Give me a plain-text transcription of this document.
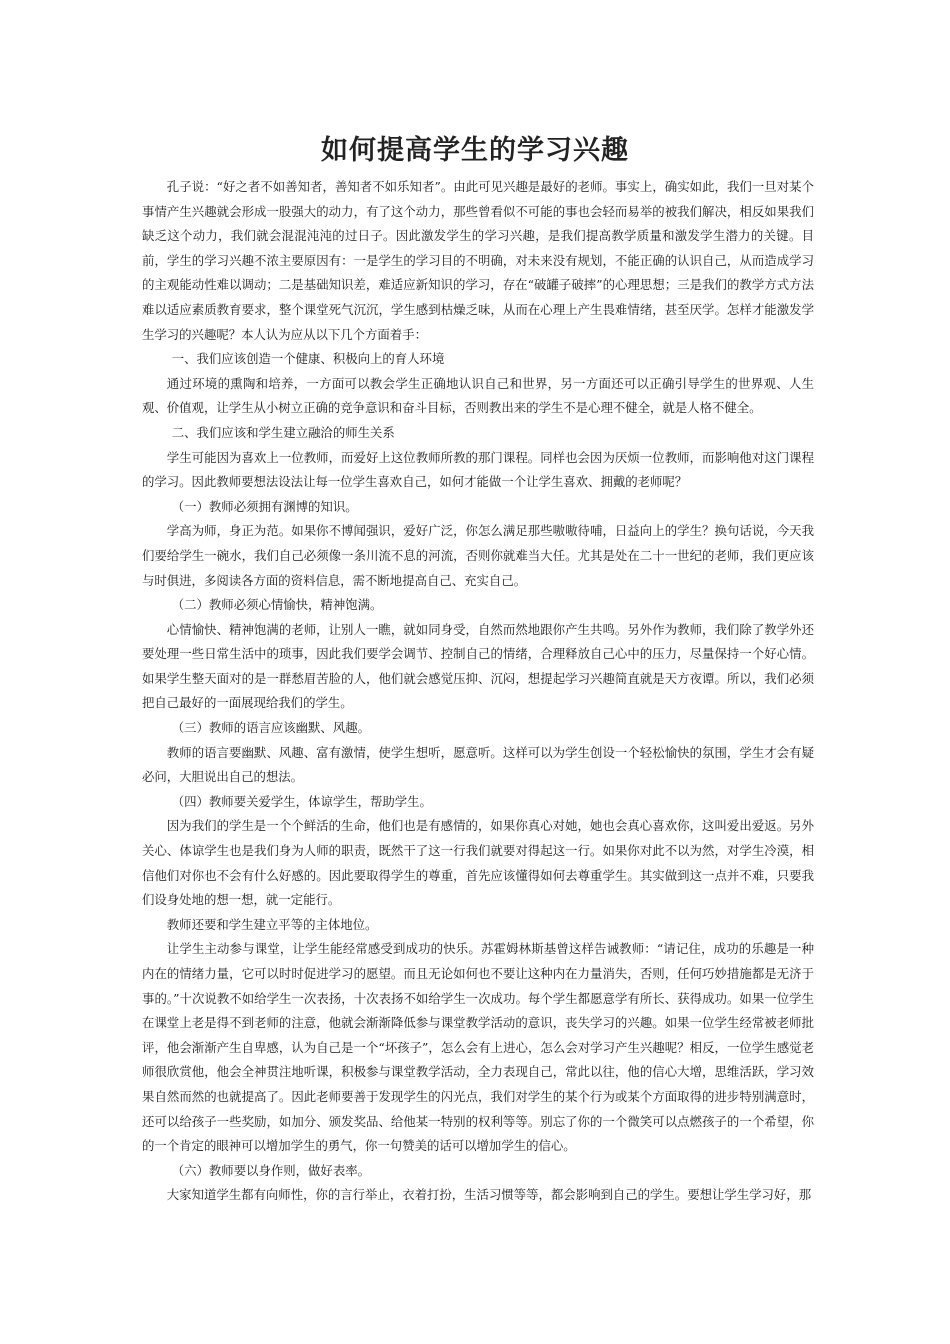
如何提高学生的学习兴趣

孔子说：“好之者不如善知者，善知者不如乐知者”。由此可见兴趣是最好的老师。事实上，确实如此，我们一旦对某个事情产生兴趣就会形成一股强大的动力，有了这个动力，那些曾看似不可能的事也会轻而易举的被我们解决，相反如果我们缺乏这个动力，我们就会混混沌沌的过日子。因此激发学生的学习兴趣，是我们提高教学质量和激发学生潜力的关键。目前，学生的学习兴趣不浓主要原因有：一是学生的学习目的不明确，对未来没有规划，不能正确的认识自己，从而造成学习的主观能动性难以调动；二是基础知识差，难适应新知识的学习，存在“破罐子破摔”的心理思想；三是我们的教学方式方法难以适应素质教育要求，整个课堂死气沉沉，学生感到枯燥乏味，从而在心理上产生畏难情绪，甚至厌学。怎样才能激发学生学习的兴趣呢？本人认为应从以下几个方面着手：

一、我们应该创造一个健康、积极向上的育人环境

通过环境的熏陶和培养，一方面可以教会学生正确地认识自己和世界，另一方面还可以正确引导学生的世界观、人生观、价值观，让学生从小树立正确的竞争意识和奋斗目标，否则教出来的学生不是心理不健全，就是人格不健全。

二、我们应该和学生建立融洽的师生关系

学生可能因为喜欢上一位教师，而爱好上这位教师所教的那门课程。同样也会因为厌烦一位教师，而影响他对这门课程的学习。因此教师要想法设法让每一位学生喜欢自己，如何才能做一个让学生喜欢、拥戴的老师呢？

（一）教师必须拥有渊博的知识。

学高为师，身正为范。如果你不博闻强识，爱好广泛，你怎么满足那些嗷嗷待哺，日益向上的学生？换句话说，今天我们要给学生一碗水，我们自己必须像一条川流不息的河流，否则你就难当大任。尤其是处在二十一世纪的老师，我们更应该与时俱进，多阅读各方面的资料信息，需不断地提高自己、充实自己。

（二）教师必须心情愉快，精神饱满。

心情愉快、精神饱满的老师，让别人一瞧，就如同身受，自然而然地跟你产生共鸣。另外作为教师，我们除了教学外还要处理一些日常生活中的琐事，因此我们要学会调节、控制自己的情绪，合理释放自己心中的压力，尽量保持一个好心情。如果学生整天面对的是一群愁眉苦脸的人，他们就会感觉压抑、沉闷，想提起学习兴趣简直就是天方夜谭。所以，我们必须把自己最好的一面展现给我们的学生。

（三）教师的语言应该幽默、风趣。

教师的语言要幽默、风趣、富有激情，使学生想听，愿意听。这样可以为学生创设一个轻松愉快的氛围，学生才会有疑必问，大胆说出自己的想法。

（四）教师要关爱学生，体谅学生，帮助学生。

因为我们的学生是一个个鲜活的生命，他们也是有感情的，如果你真心对她，她也会真心喜欢你，这叫爱出爱返。另外关心、体谅学生也是我们身为人师的职责，既然干了这一行我们就要对得起这一行。如果你对此不以为然，对学生冷漠，相信他们对你也不会有什么好感的。因此要取得学生的尊重，首先应该懂得如何去尊重学生。其实做到这一点并不难，只要我们设身处地的想一想，就一定能行。

教师还要和学生建立平等的主体地位。

让学生主动参与课堂，让学生能经常感受到成功的快乐。苏霍姆林斯基曾这样告诫教师：“请记住，成功的乐趣是一种内在的情绪力量，它可以时时促进学习的愿望。而且无论如何也不要让这种内在力量消失，否则，任何巧妙措施都是无济于事的。”十次说教不如给学生一次表扬，十次表扬不如给学生一次成功。每个学生都愿意学有所长、获得成功。如果一位学生在课堂上老是得不到老师的注意，他就会渐渐降低参与课堂教学活动的意识，丧失学习的兴趣。如果一位学生经常被老师批评，他会渐渐产生自卑感，认为自己是一个“坏孩子”，怎么会有上进心，怎么会对学习产生兴趣呢？相反，一位学生感觉老师很欣赏他，他会全神贯注地听课，积极参与课堂教学活动，全力表现自己，常此以往，他的信心大增，思维活跃，学习效果自然而然的也就提高了。因此老师要善于发现学生的闪光点，我们对学生的某个行为或某个方面取得的进步特别满意时，还可以给孩子一些奖励，如加分、颁发奖品、给他某一特别的权利等等。别忘了你的一个微笑可以点燃孩子的一个希望，你的一个肯定的眼神可以增加学生的勇气，你一句赞美的话可以增加学生的信心。

（六）教师要以身作则，做好表率。

大家知道学生都有向师性，你的言行举止，衣着打扮，生活习惯等等，都会影响到自己的学生。要想让学生学习好，那
